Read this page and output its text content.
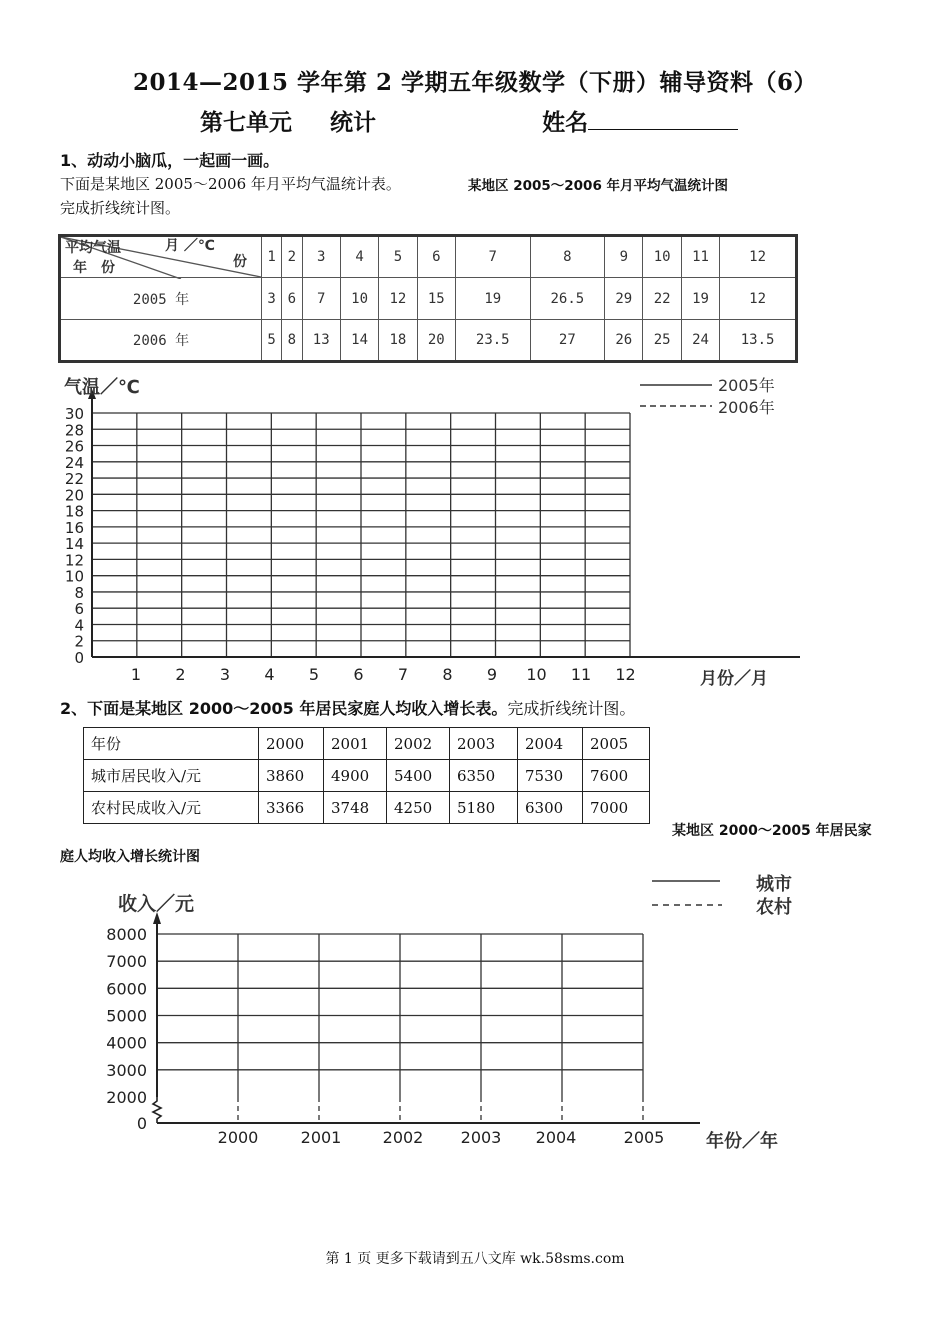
2014—2015 学年第 2 学期五年级数学（下册）辅导资料（6）
第七单元 统计	姓名
1、动动小脑瓜，一起画一画。
下面是某地区 2005～2006 年月平均气温统计表。	某地区 2005～2006 年月平均气温统计图
完成折线统计图。
平均气温 月 ／℃
份
年　份	1	2	3	4	5	6	7	8	9	10	11	12
2005 年	3	6	7	10	12	15	19	26.5	29	22	19	12
2006 年	5	8	13	14	18	20	23.5	27	26	25	24	13.5
0
2
4
6
8
10
12
14
16
18
20
22
24
26
28
30
1 2 3 4 5 6 7 8 9 10 11 12
气温／℃
月份／月
2005年
2006年
0
2000
3000
4000
5000
6000
7000
8000
2000	2001	2002 2003 2004	2005
收入／元
年份／年
城市
农村
2、下面是某地区 2000～2005 年居民家庭人均收入增长表。完成折线统计图。
年份	2000	2001	2002	2003	2004	2005
城市居民收入/元	3860	4900	5400	6350	7530	7600
农村民成收入/元	3366	3748	4250	5180	6300	7000
某地区 2000～2005 年居民家
庭人均收入增长统计图
第 1 页 更多下载请到五八文库 wk.58sms.com
